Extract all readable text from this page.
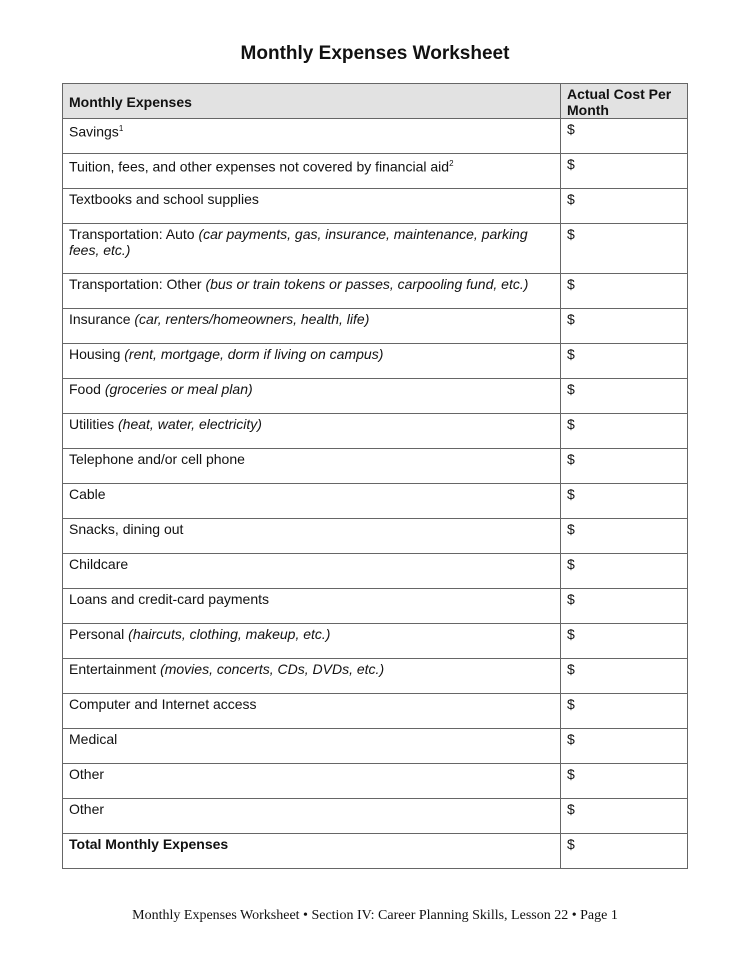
Monthly Expenses Worksheet
Monthly Expenses	Actual Cost Per Month
Savings$^1$	$
Tuition, fees, and other expenses not covered by financial aid$^2$	$
Textbooks and school supplies	$
Transportation: Auto (car payments, gas, insurance, maintenance, parking fees, etc.)	$
Transportation: Other (bus or train tokens or passes, carpooling fund, etc.)	$
Insurance (car, renters/homeowners, health, life)	$
Housing (rent, mortgage, dorm if living on campus)	$
Food (groceries or meal plan)	$
Utilities (heat, water, electricity)	$
Telephone and/or cell phone	$
Cable	$
Snacks, dining out	$
Childcare	$
Loans and credit-card payments	$
Personal (haircuts, clothing, makeup, etc.)	$
Entertainment (movies, concerts, CDs, DVDs, etc.)	$
Computer and Internet access	$
Medical	$
Other	$
Other	$
Total Monthly Expenses	$
Monthly Expenses Worksheet • Section IV: Career Planning Skills, Lesson 22 • Page 1
